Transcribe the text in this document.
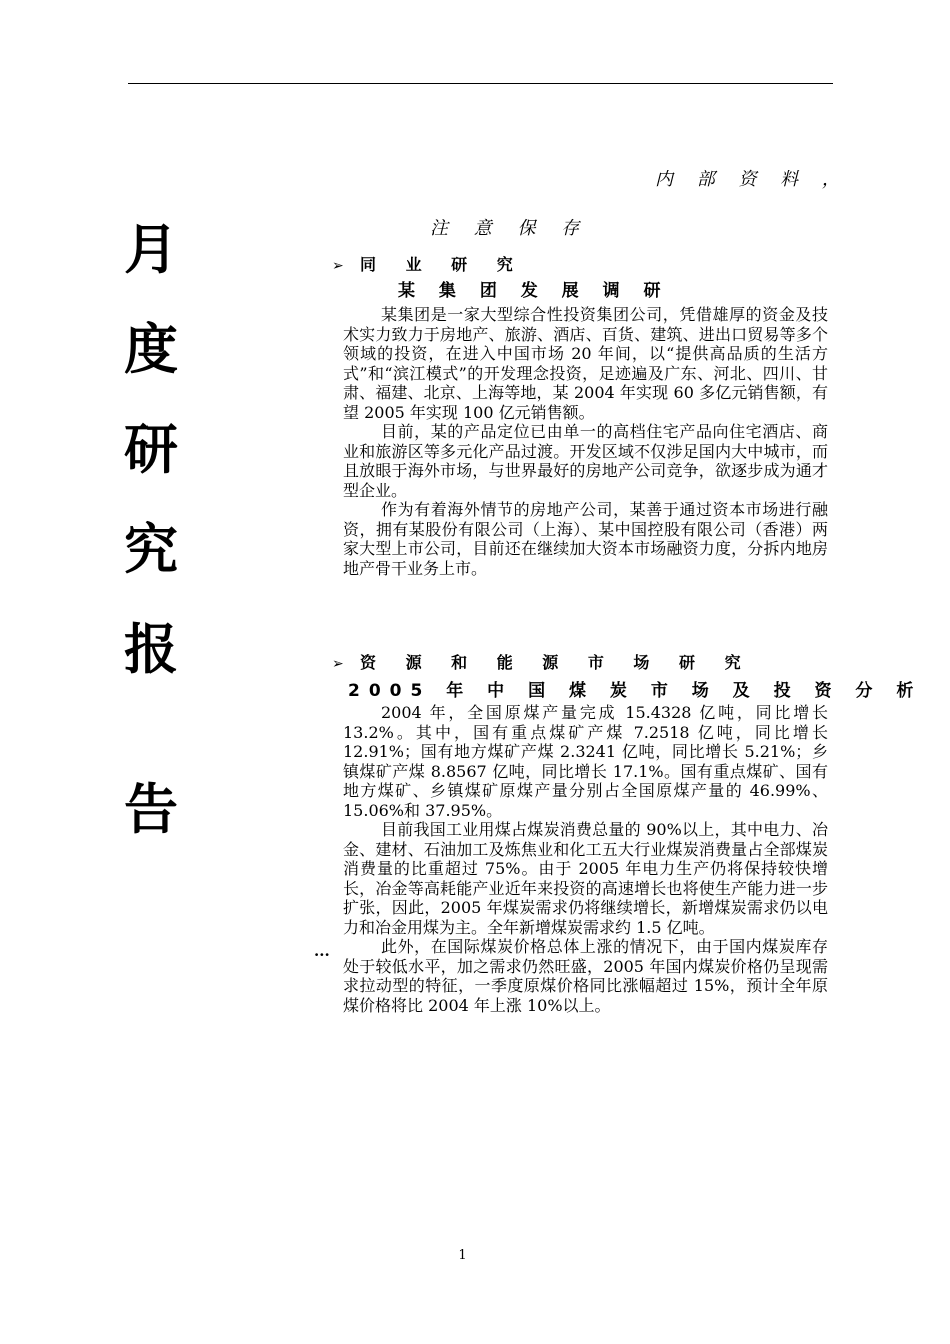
内 部 资 料 ，
注 意 保 存
月
度
研
究
报
告
➢ 同 业 研 究
某 集 团 发 展 调 研

某集团是一家大型综合性投资集团公司，凭借雄厚的资金及技术实力致力于房地产、旅游、酒店、百货、建筑、进出口贸易等多个领域的投资，在进入中国市场 20 年间，以“提供高品质的生活方式”和“滨江模式”的开发理念投资，足迹遍及广东、河北、四川、甘肃、福建、北京、上海等地，某 2004 年实现 60 多亿元销售额，有望 2005 年实现 100 亿元销售额。

目前，某的产品定位已由单一的高档住宅产品向住宅酒店、商业和旅游区等多元化产品过渡。开发区域不仅涉足国内大中城市，而且放眼于海外市场，与世界最好的房地产公司竞争，欲逐步成为通才型企业。

作为有着海外情节的房地产公司，某善于通过资本市场进行融资，拥有某股份有限公司（上海）、某中国控股有限公司（香港）两家大型上市公司，目前还在继续加大资本市场融资力度，分拆内地房地产骨干业务上市。

➢ 资 源 和 能 源 市 场 研 究
2005 年 中 国 煤 炭 市 场 及 投 资 分 析

2004 年，全国原煤产量完成 15.4328 亿吨，同比增长 13.2%。其中，国有重点煤矿产煤 7.2518 亿吨，同比增长 12.91%；国有地方煤矿产煤 2.3241 亿吨，同比增长 5.21%；乡镇煤矿产煤 8.8567 亿吨，同比增长 17.1%。国有重点煤矿、国有地方煤矿、乡镇煤矿原煤产量分别占全国原煤产量的 46.99%、15.06%和 37.95%。

目前我国工业用煤占煤炭消费总量的 90%以上，其中电力、冶金、建材、石油加工及炼焦业和化工五大行业煤炭消费量占全部煤炭消费量的比重超过 75%。由于 2005 年电力生产仍将保持较快增长，冶金等高耗能产业近年来投资的高速增长也将使生产能力进一步扩张，因此，2005 年煤炭需求仍将继续增长，新增煤炭需求仍以电力和冶金用煤为主。全年新增煤炭需求约 1.5 亿吨。

此外，在国际煤炭价格总体上涨的情况下，由于国内煤炭库存处于较低水平，加之需求仍然旺盛，2005 年国内煤炭价格仍呈现需求拉动型的特征，一季度原煤价格同比涨幅超过 15%，预计全年原煤价格将比 2004 年上涨 10%以上。

···
1
